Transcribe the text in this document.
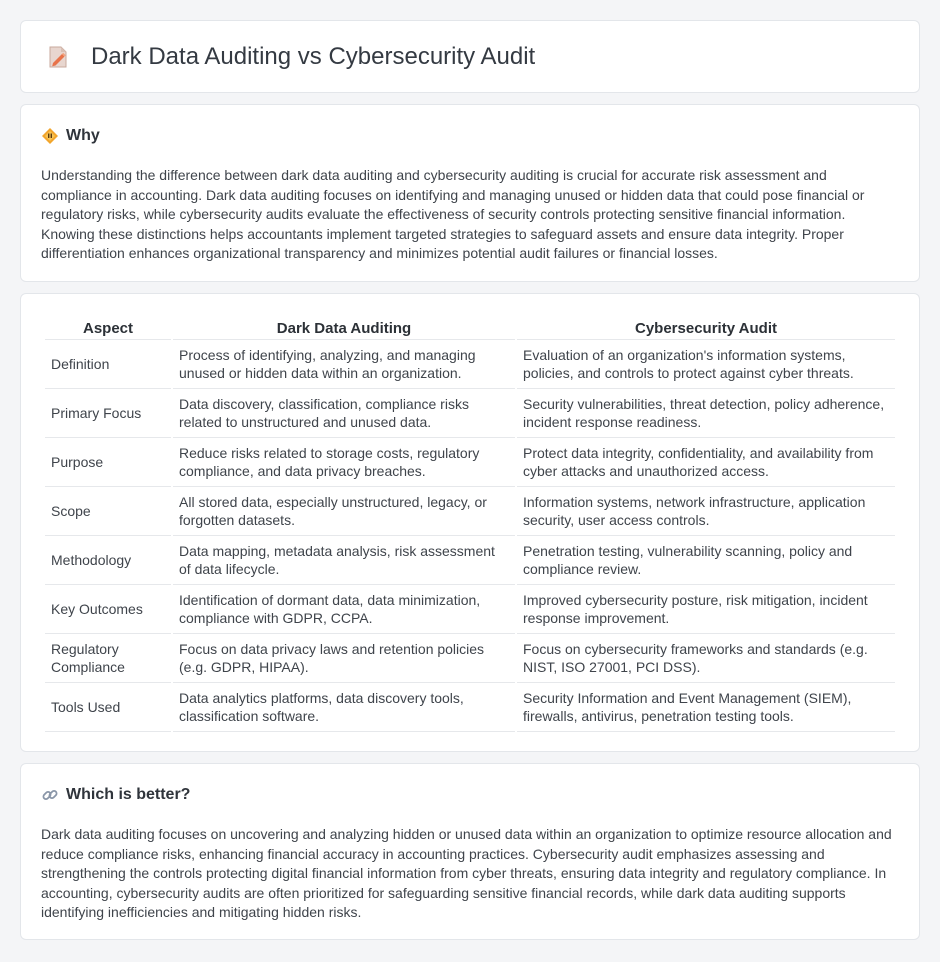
Dark Data Auditing vs Cybersecurity Audit
Why

Understanding the difference between dark data auditing and cybersecurity auditing is crucial for accurate risk assessment and compliance in accounting. Dark data auditing focuses on identifying and managing unused or hidden data that could pose financial or regulatory risks, while cybersecurity audits evaluate the effectiveness of security controls protecting sensitive financial information. Knowing these distinctions helps accountants implement targeted strategies to safeguard assets and ensure data integrity. Proper differentiation enhances organizational transparency and minimizes potential audit failures or financial losses.

Aspect	Dark Data Auditing	Cybersecurity Audit
Definition	Process of identifying, analyzing, and managing unused or hidden data within an organization.	Evaluation of an organization's information systems, policies, and controls to protect against cyber threats.
Primary Focus	Data discovery, classification, compliance risks related to unstructured and unused data.	Security vulnerabilities, threat detection, policy adherence, incident response readiness.
Purpose	Reduce risks related to storage costs, regulatory compliance, and data privacy breaches.	Protect data integrity, confidentiality, and availability from cyber attacks and unauthorized access.
Scope	All stored data, especially unstructured, legacy, or forgotten datasets.	Information systems, network infrastructure, application security, user access controls.
Methodology	Data mapping, metadata analysis, risk assessment of data lifecycle.	Penetration testing, vulnerability scanning, policy and compliance review.
Key Outcomes	Identification of dormant data, data minimization, compliance with GDPR, CCPA.	Improved cybersecurity posture, risk mitigation, incident response improvement.
Regulatory Compliance	Focus on data privacy laws and retention policies (e.g. GDPR, HIPAA).	Focus on cybersecurity frameworks and standards (e.g. NIST, ISO 27001, PCI DSS).
Tools Used	Data analytics platforms, data discovery tools, classification software.	Security Information and Event Management (SIEM), firewalls, antivirus, penetration testing tools.
Which is better?

Dark data auditing focuses on uncovering and analyzing hidden or unused data within an organization to optimize resource allocation and reduce compliance risks, enhancing financial accuracy in accounting practices. Cybersecurity audit emphasizes assessing and strengthening the controls protecting digital financial information from cyber threats, ensuring data integrity and regulatory compliance. In accounting, cybersecurity audits are often prioritized for safeguarding sensitive financial records, while dark data auditing supports identifying inefficiencies and mitigating hidden risks.
